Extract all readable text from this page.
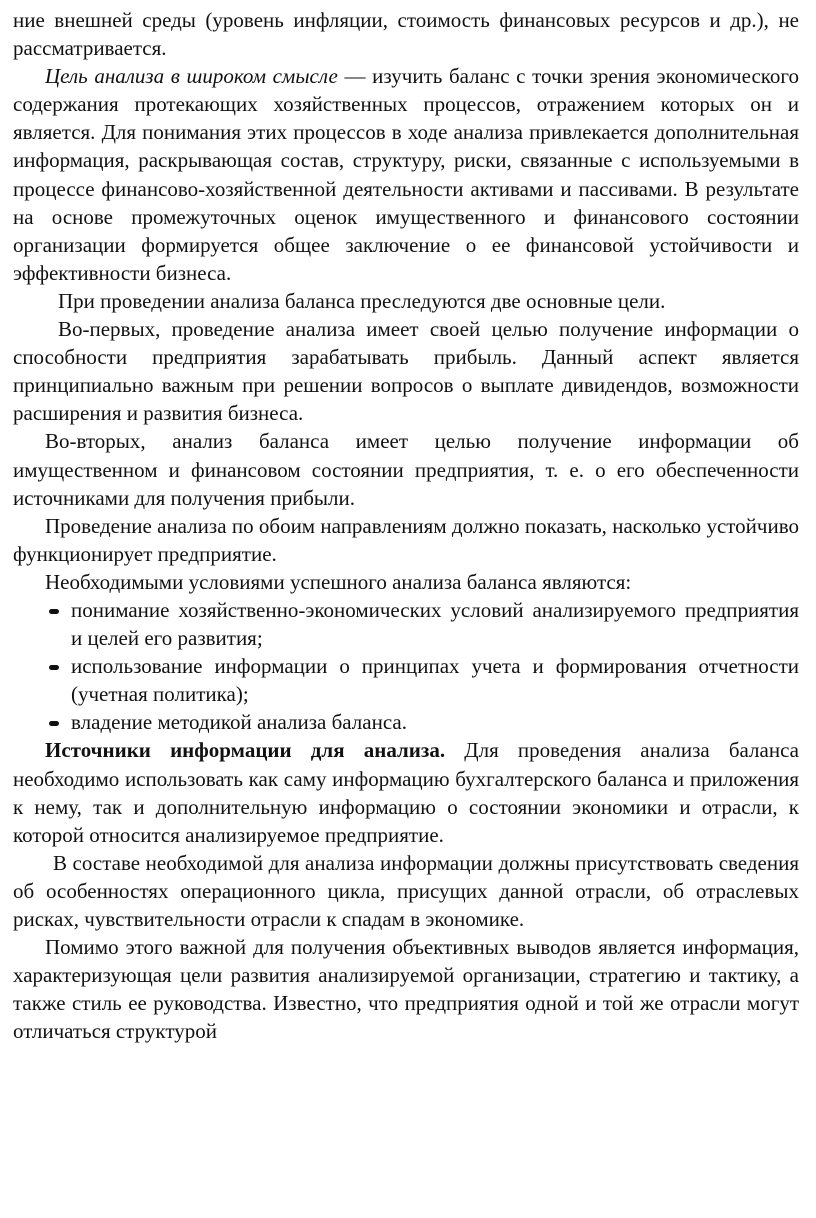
ние внешней среды (уровень инфляции, стоимость финансовых ресурсов и др.), не рассматривается.

Цель анализа в широком смысле — изучить баланс с точки зрения экономического содержания протекающих хозяйственных процессов, отражением которых он и является. Для понимания этих процессов в ходе анализа привлекается дополнительная информация, раскрывающая состав, структуру, риски, связанные с используемыми в процессе финансово-хозяйственной деятельности активами и пассивами. В результате на основе промежуточных оценок имущественного и финансового состоянии организации формируется общее заключение о ее финансовой устойчивости и эффективности бизнеса.

При проведении анализа баланса преследуются две основные цели.

Во-первых, проведение анализа имеет своей целью получение информации о способности предприятия зарабатывать прибыль. Данный аспект является принципиально важным при решении вопросов о выплате дивидендов, возможности расширения и развития бизнеса.

Во-вторых, анализ баланса имеет целью получение информации об имущественном и финансовом состоянии предприятия, т. е. о его обеспеченности источниками для получения прибыли.

Проведение анализа по обоим направлениям должно показать, насколько устойчиво функционирует предприятие.

Необходимыми условиями успешного анализа баланса являются:

понимание хозяйственно-экономических условий анализируемого предприятия и целей его развития;
использование информации о принципах учета и формирования отчетности (учетная политика);
владение методикой анализа баланса.

Источники информации для анализа. Для проведения анализа баланса необходимо использовать как саму информацию бухгалтерского баланса и приложения к нему, так и дополнительную информацию о состоянии экономики и отрасли, к которой относится анализируемое предприятие.

В составе необходимой для анализа информации должны присутствовать сведения об особенностях операционного цикла, присущих данной отрасли, об отраслевых рисках, чувствительности отрасли к спадам в экономике.

Помимо этого важной для получения объективных выводов является информация, характеризующая цели развития анализируемой организации, стратегию и тактику, а также стиль ее руководства. Известно, что предприятия одной и той же отрасли могут отличаться структурой
